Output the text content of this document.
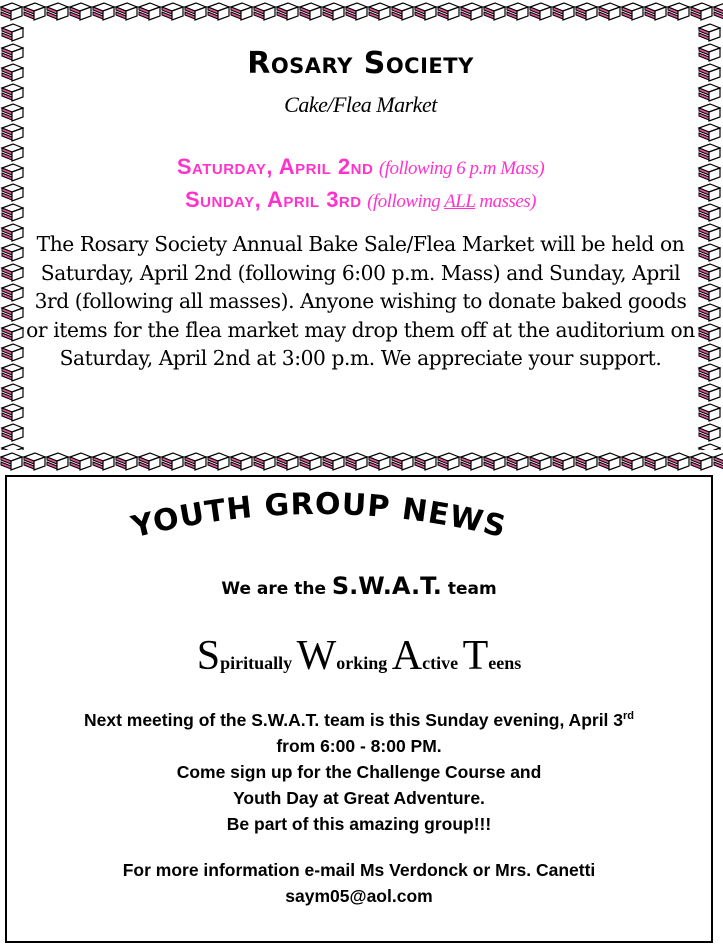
Rosary Society
Cake/Flea Market
Saturday, April 2nd (following 6 p.m Mass)
Sunday, April 3rd (following ALL masses)
The Rosary Society Annual Bake Sale/Flea Market will be held on Saturday, April 2nd (following 6:00 p.m. Mass) and Sunday, April 3rd (following all masses). Anyone wishing to donate baked goods or items for the flea market may drop them off at the auditorium on Saturday, April 2nd at 3:00 p.m. We appreciate your support.
YOUTH GROUP NEWS
We are the S.W.A.T. team
Spiritually Working Active Teens
Next meeting of the S.W.A.T. team is this Sunday evening, April 3rd
from 6:00 - 8:00 PM.
Come sign up for the Challenge Course and
Youth Day at Great Adventure.
Be part of this amazing group!!!
For more information e-mail Ms Verdonck or Mrs. Canetti
saym05@aol.com
